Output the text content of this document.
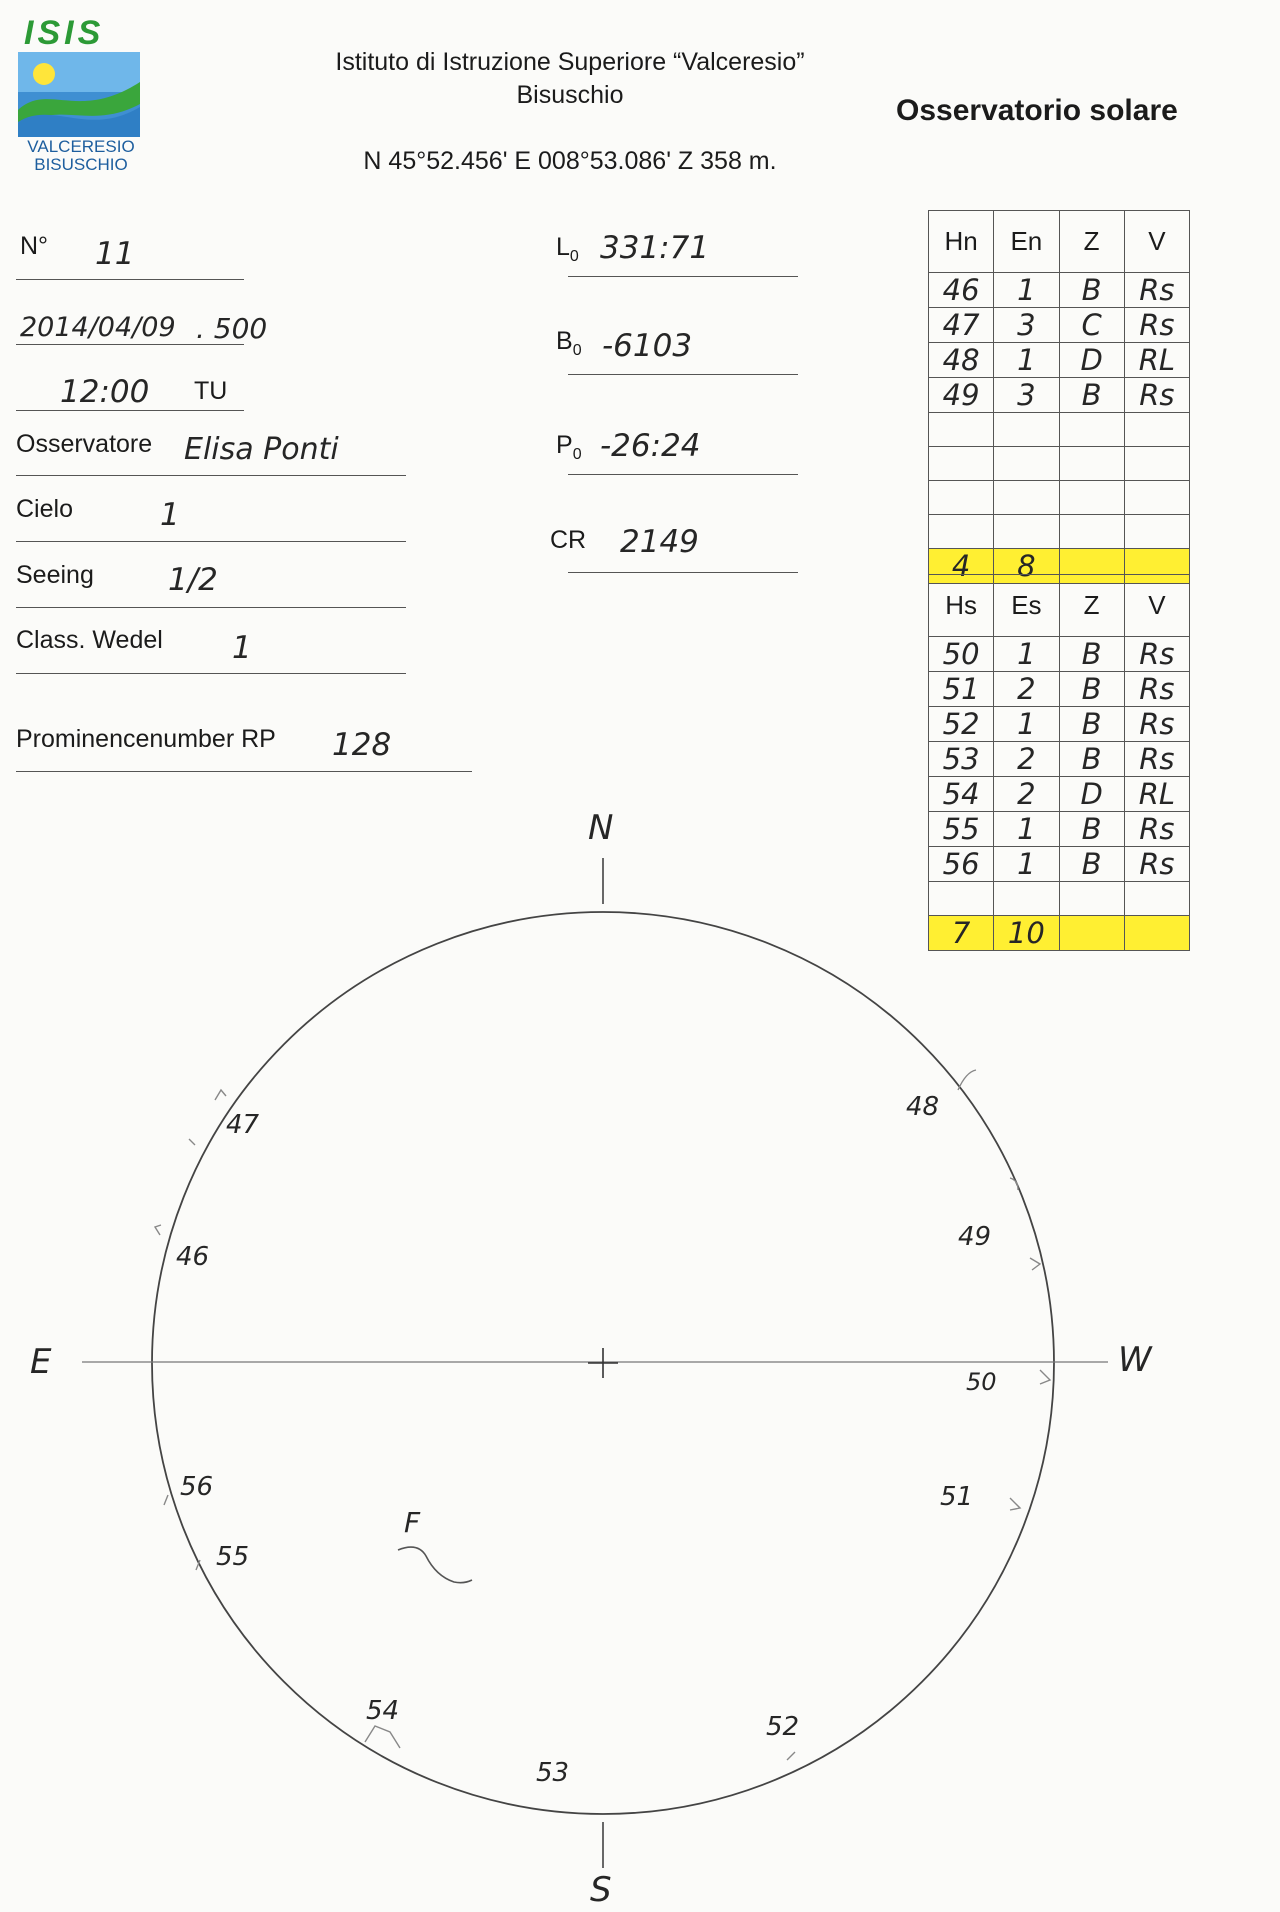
ISIS
VALCERESIO
BISUSCHIO
Istituto di Istruzione Superiore “Valceresio”
Bisuschio
N 45°52.456' E 008°53.086' Z 358 m.
Osservatorio solare
N° 11
2014/04/09 . 500
12:00 TU
Osservatore Elisa Ponti
Cielo	1
Seeing 1/2
Class. Wedel 1
Prominencenumber RP 128
$L_0$ 331:71
$B_0$ -6103
$P_0$ -26:24
CR 2149
Hn	En	Z	V
46	1	B	Rs
47	3	C	Rs
48	1	D	RL
49	3	B	Rs

4	8		
Hs	Es	Z	V
50	1	B	Rs
51	2	B	Rs
52	1	B	Rs
53	2	B	Rs
54	2	D	RL
55	1	B	Rs
56	1	B	Rs

7	10		
N
S
E	W
F
46
47
48
49
50
51
52
53
54
55
56
